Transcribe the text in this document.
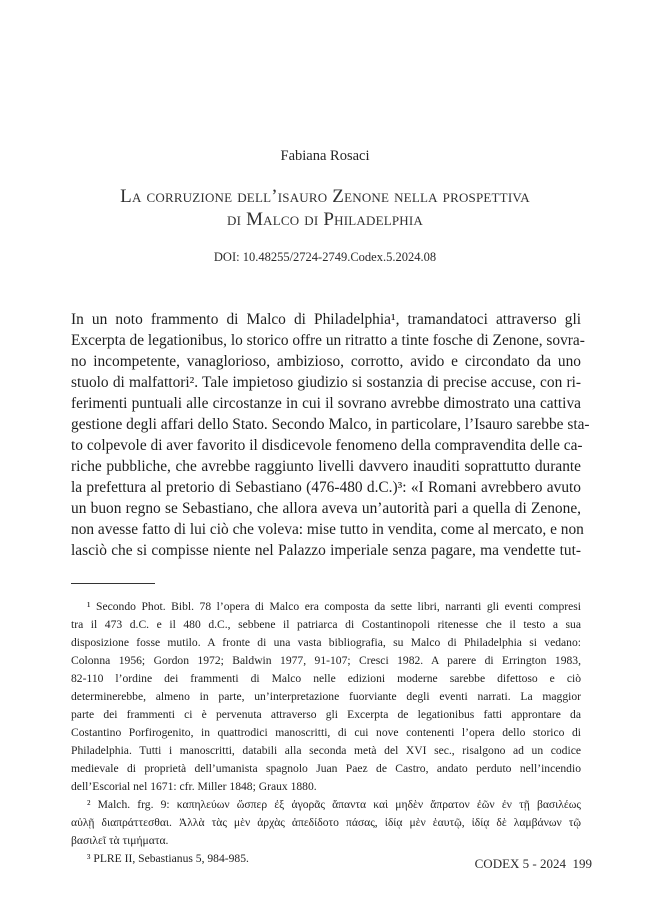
Fabiana Rosaci
La corruzione dell’isauro Zenone nella prospettiva
di Malco di Philadelphia
DOI: 10.48255/2724-2749.Codex.5.2024.08
In un noto frammento di Malco di Philadelphia¹, tramandatoci attraverso gli
Excerpta de legationibus, lo storico offre un ritratto a tinte fosche di Zenone, sovra-
no incompetente, vanaglorioso, ambizioso, corrotto, avido e circondato da uno
stuolo di malfattori². Tale impietoso giudizio si sostanzia di precise accuse, con ri-
ferimenti puntuali alle circostanze in cui il sovrano avrebbe dimostrato una cattiva
gestione degli affari dello Stato. Secondo Malco, in particolare, l’Isauro sarebbe sta-
to colpevole di aver favorito il disdicevole fenomeno della compravendita delle ca-
riche pubbliche, che avrebbe raggiunto livelli davvero inauditi soprattutto durante
la prefettura al pretorio di Sebastiano (476-480 d.C.)³: «I Romani avrebbero avuto
un buon regno se Sebastiano, che allora aveva un’autorità pari a quella di Zenone,
non avesse fatto di lui ciò che voleva: mise tutto in vendita, come al mercato, e non
lasciò che si compisse niente nel Palazzo imperiale senza pagare, ma vendette tut-
¹ Secondo Phot. Bibl. 78 l’opera di Malco era composta da sette libri, narranti gli eventi compresi
tra il 473 d.C. e il 480 d.C., sebbene il patriarca di Costantinopoli ritenesse che il testo a sua
disposizione fosse mutilo. A fronte di una vasta bibliografia, su Malco di Philadelphia si vedano:
Colonna 1956; Gordon 1972; Baldwin 1977, 91-107; Cresci 1982. A parere di Errington 1983,
82-110 l’ordine dei frammenti di Malco nelle edizioni moderne sarebbe difettoso e ciò
determinerebbe, almeno in parte, un’interpretazione fuorviante degli eventi narrati. La maggior
parte dei frammenti ci è pervenuta attraverso gli Excerpta de legationibus fatti approntare da
Costantino Porfirogenito, in quattrodici manoscritti, di cui nove contenenti l’opera dello storico di
Philadelphia. Tutti i manoscritti, databili alla seconda metà del XVI sec., risalgono ad un codice
medievale di proprietà dell’umanista spagnolo Juan Paez de Castro, andato perduto nell’incendio
dell’Escorial nel 1671: cfr. Miller 1848; Graux 1880.
² Malch. frg. 9: καπηλεύων ὥσπερ ἐξ ἀγορᾶς ἅπαντα καὶ μηδὲν ἄπρατον ἐῶν ἐν τῇ βασιλέως
αὐλῇ διαπράττεσθαι. Ἀλλὰ τὰς μὲν ἀρχὰς ἀπεδίδοτο πάσας, ἰδίᾳ μὲν ἑαυτῷ, ἰδίᾳ δὲ λαμβάνων τῷ
βασιλεῖ τὰ τιμήματα.
³ PLRE II, Sebastianus 5, 984-985.	CODEX 5 - 2024 199
